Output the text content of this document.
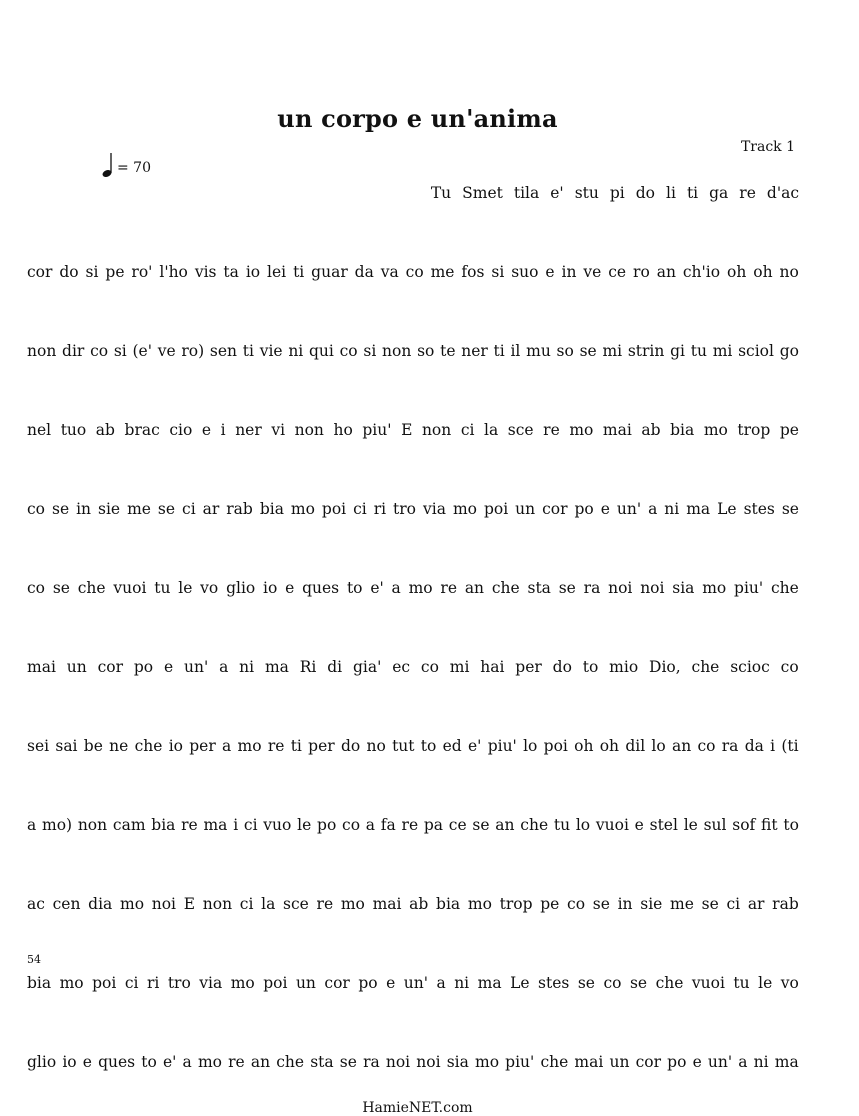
un corpo e un'anima
Track 1
= 70
54
Tu Smet tila e' stu pi do li ti ga re d'ac
cor do si pe ro' l'ho vis ta io lei ti guar da va co me fos si suo e in ve ce ro an ch'io oh oh no
non dir co si (e' ve ro) sen ti vie ni qui co si non so te ner ti il mu so se mi strin gi tu mi sciol go
nel tuo ab brac cio e i ner vi non ho piu' E non ci la sce re mo mai ab bia mo trop pe
co se in sie me se ci ar rab bia mo poi ci ri tro via mo poi un cor po e un' a ni ma Le stes se
co se che vuoi tu le vo glio io e ques to e' a mo re an che sta se ra noi noi sia mo piu' che
mai un cor po e un' a ni ma Ri di gia' ec co mi hai per do to mio Dio, che scioc co
sei sai be ne che io per a mo re ti per do no tut to ed e' piu' lo poi oh oh dil lo an co ra da i (ti
a mo) non cam bia re ma i ci vuo le po co a fa re pa ce se an che tu lo vuoi e stel le sul sof fit to
ac cen dia mo noi E non ci la sce re mo mai ab bia mo trop pe co se in sie me se ci ar rab
bia mo poi ci ri tro via mo poi un cor po e un' a ni ma Le stes se co se che vuoi tu le vo
glio io e ques to e' a mo re an che sta se ra noi noi sia mo piu' che mai un cor po e un' a ni ma
HamieNET.com
